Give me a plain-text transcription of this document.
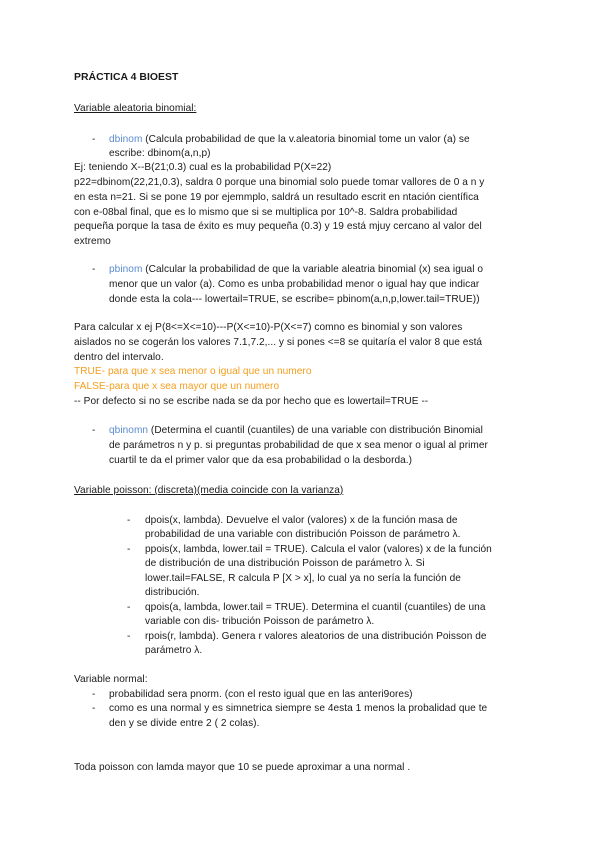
PRÁCTICA 4 BIOEST
Variable aleatoria binomial:
- dbinom (Calcula probabilidad de que la v.aleatoria binomial tome un valor (a) se
escribe: dbinom(a,n,p)
Ej: teniendo X--B(21;0.3) cual es la probabilidad P(X=22)
p22=dbinom(22,21,0.3), saldra 0 porque una binomial solo puede tomar vallores de 0 a n y
en esta n=21. Si se pone 19 por ejemmplo, saldrá un resultado escrit en ntación científica
con e-08bal final, que es lo mismo que si se multiplica por 10^-8. Saldra probabilidad
pequeña porque la tasa de éxito es muy pequeña (0.3) y 19 está mjuy cercano al valor del
extremo
- pbinom (Calcular la probabilidad de que la variable aleatria binomial (x) sea igual o
menor que un valor (a). Como es unba probabilidad menor o igual hay que indicar
donde esta la cola--- lowertail=TRUE, se escribe= pbinom(a,n,p,lower.tail=TRUE))
Para calcular x ej P(8<=X<=10)---P(X<=10)-P(X<=7) comno es binomial y son valores
aislados no se cogerán los valores 7.1,7.2,... y si pones <=8 se quitaría el valor 8 que está
dentro del intervalo.
TRUE- para que x sea menor o igual que un numero
FALSE-para que x sea mayor que un numero
-- Por defecto si no se escribe nada se da por hecho que es lowertail=TRUE --
- qbinomn (Determina el cuantil (cuantiles) de una variable con distribución Binomial
de parámetros n y p. si preguntas probabilidad de que x sea menor o igual al primer
cuartil te da el primer valor que da esa probabilidad o la desborda.)
Variable poisson: (discreta)(media coincide con la varianza)
- dpois(x, lambda). Devuelve el valor (valores) x de la función masa de
probabilidad de una variable con distribución Poisson de parámetro λ.
- ppois(x, lambda, lower.tail = TRUE). Calcula el valor (valores) x de la función
de distribución de una distribución Poisson de parámetro λ. Si
lower.tail=FALSE, R calcula P [X > x], lo cual ya no sería la función de
distribución.
- qpois(a, lambda, lower.tail = TRUE). Determina el cuantil (cuantiles) de una
variable con dis- tribución Poisson de parámetro λ.
- rpois(r, lambda). Genera r valores aleatorios de una distribución Poisson de
parámetro λ.
Variable normal:
- probabilidad sera pnorm. (con el resto igual que en las anteri9ores)
- como es una normal y es simnetrica siempre se 4esta 1 menos la probalidad que te
den y se divide entre 2 ( 2 colas).
Toda poisson con lamda mayor que 10 se puede aproximar a una normal .
